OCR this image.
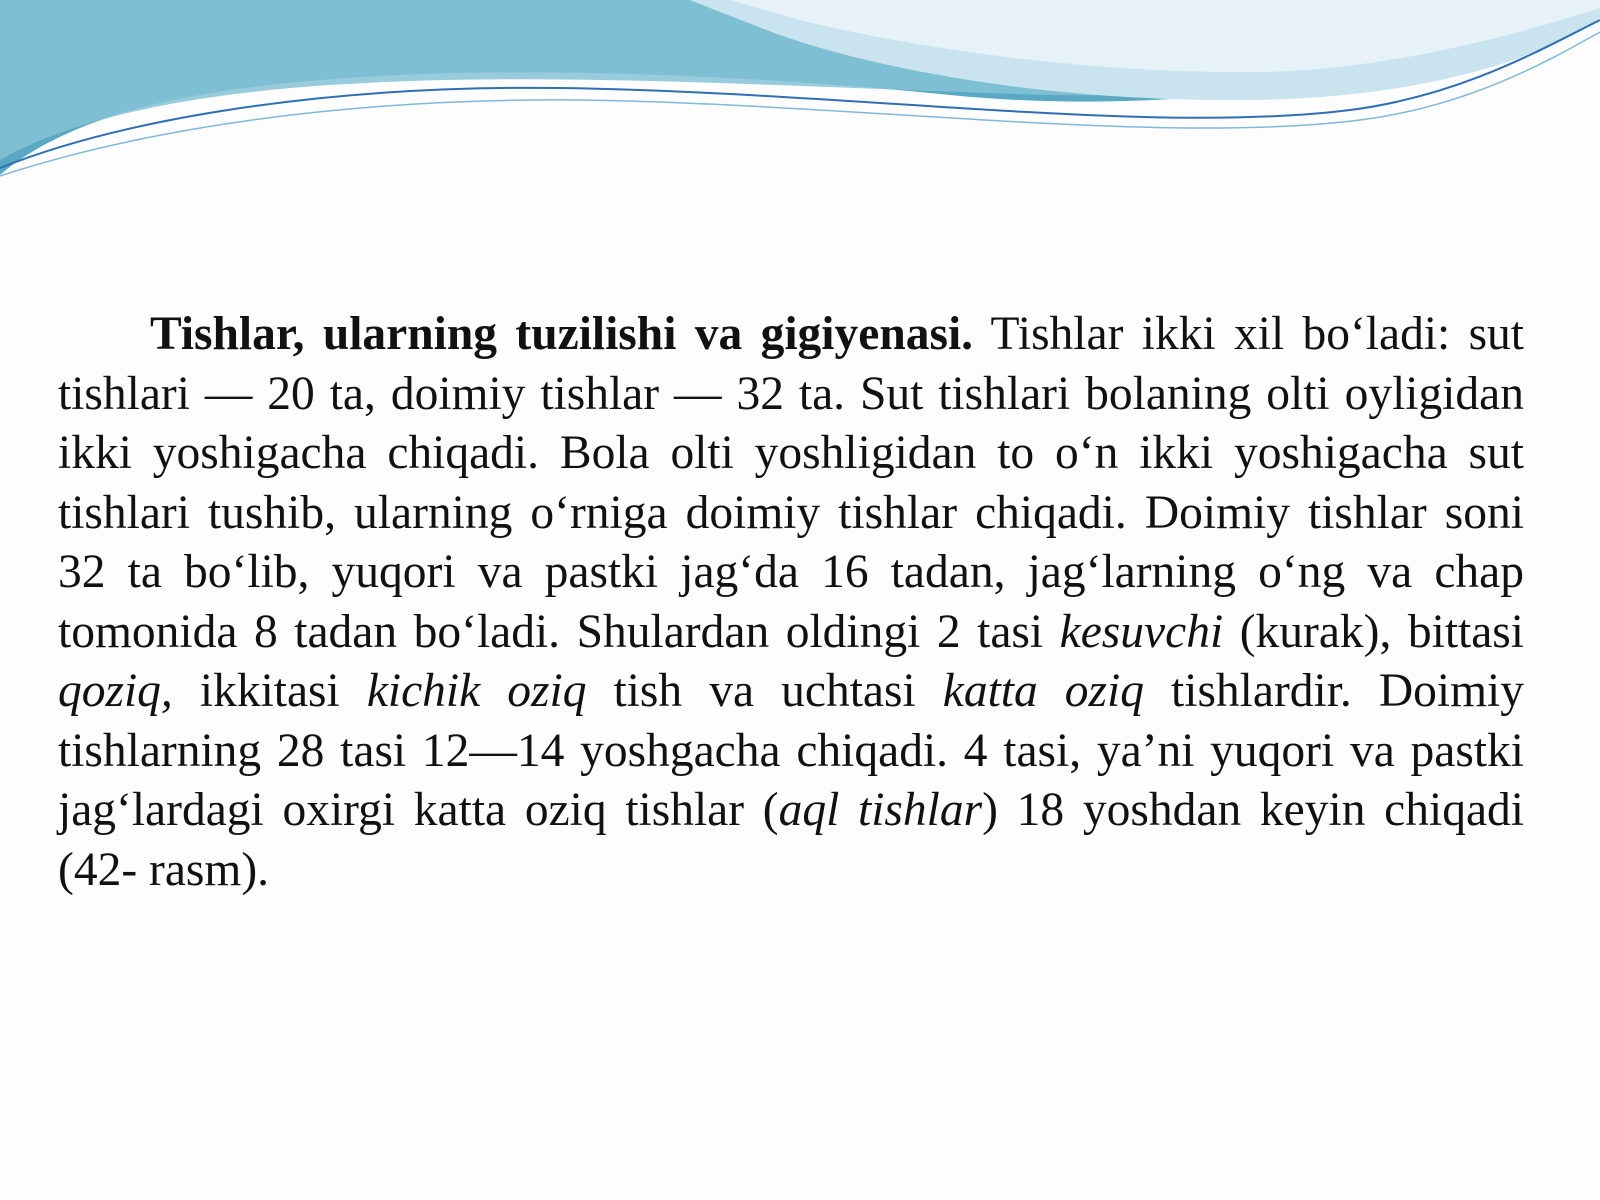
Tishlar, ularning tuzilishi va gigiyenasi. Tishlar ikki xil bo‘ladi: sut tishlari — 20 ta, doimiy tishlar — 32 ta. Sut tishlari bolaning olti oyligidan ikki yoshigacha chiqadi. Bola olti yoshligidan to o‘n ikki yoshigacha sut tishlari tushib, ularning o‘rniga doimiy tishlar chiqadi. Doimiy tishlar soni 32 ta bo‘lib, yuqori va pastki jag‘da 16 tadan, jag‘larning o‘ng va chap tomonida 8 tadan bo‘ladi. Shulardan oldingi 2 tasi kesuvchi (kurak), bittasi qoziq, ikkitasi kichik oziq tish va uchtasi katta oziq tishlardir. Doimiy tishlarning 28 tasi 12—14 yoshgacha chiqadi. 4 tasi, ya’ni yuqori va pastki jag‘lardagi oxirgi katta oziq tishlar (aql tishlar) 18 yoshdan keyin chiqadi (42- rasm).
